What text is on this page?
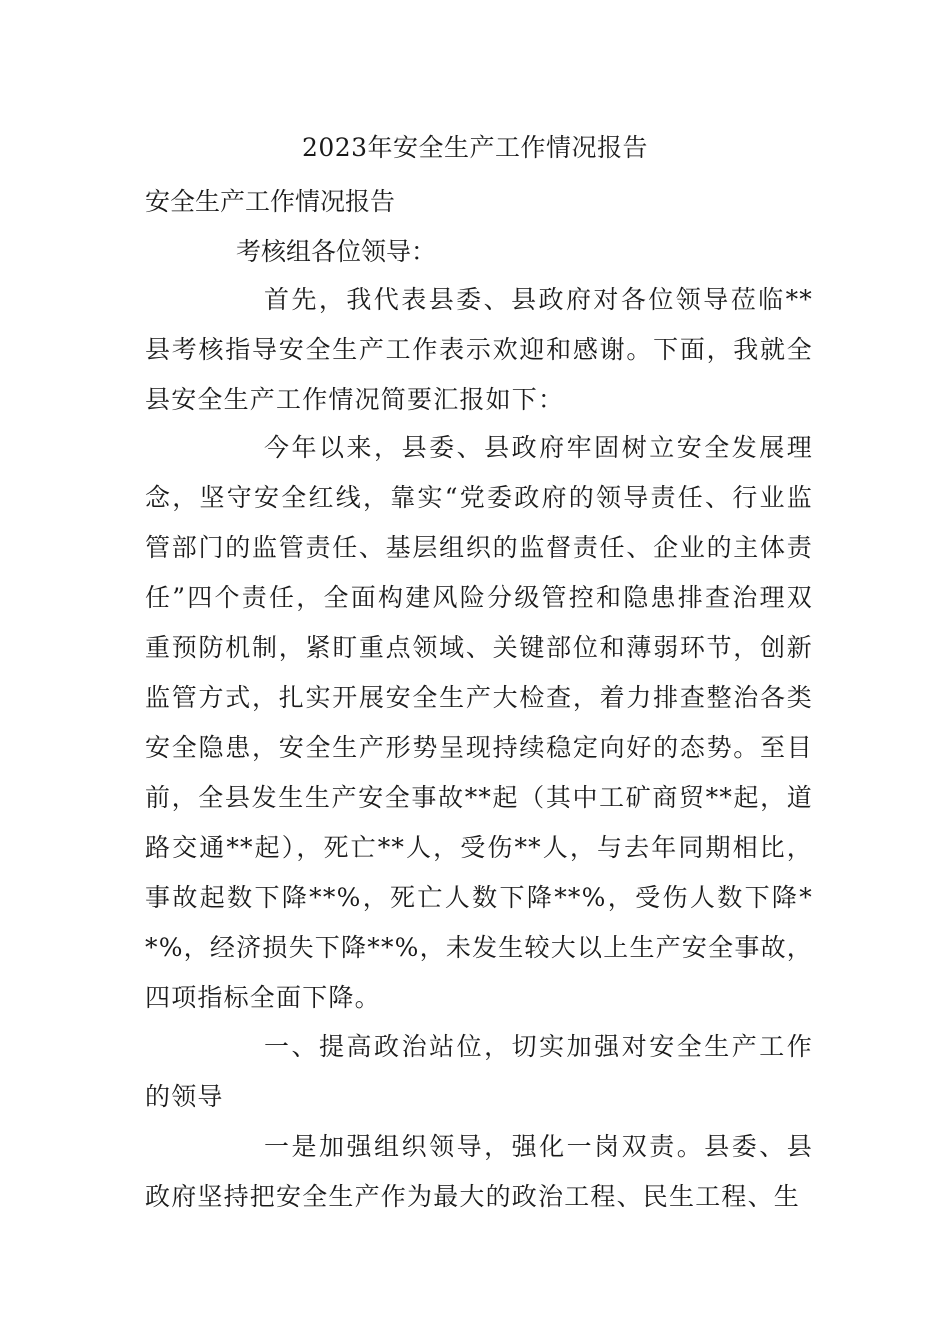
2023年安全生产工作情况报告

安全生产工作情况报告

考核组各位领导：

首先，我代表县委、县政府对各位领导莅临**县考核指导安全生产工作表示欢迎和感谢。下面，我就全县安全生产工作情况简要汇报如下：

今年以来，县委、县政府牢固树立安全发展理念，坚守安全红线，靠实“党委政府的领导责任、行业监管部门的监管责任、基层组织的监督责任、企业的主体责任”四个责任，全面构建风险分级管控和隐患排查治理双重预防机制，紧盯重点领域、关键部位和薄弱环节，创新监管方式，扎实开展安全生产大检查，着力排查整治各类安全隐患，安全生产形势呈现持续稳定向好的态势。至目前，全县发生生产安全事故**起（其中工矿商贸**起，道路交通**起），死亡**人，受伤**人，与去年同期相比，事故起数下降**%，死亡人数下降**%，受伤人数下降**%，经济损失下降**%，未发生较大以上生产安全事故，四项指标全面下降。

一、提高政治站位，切实加强对安全生产工作的领导

一是加强组织领导，强化一岗双责。县委、县政府坚持把安全生产作为最大的政治工程、民生工程、生
